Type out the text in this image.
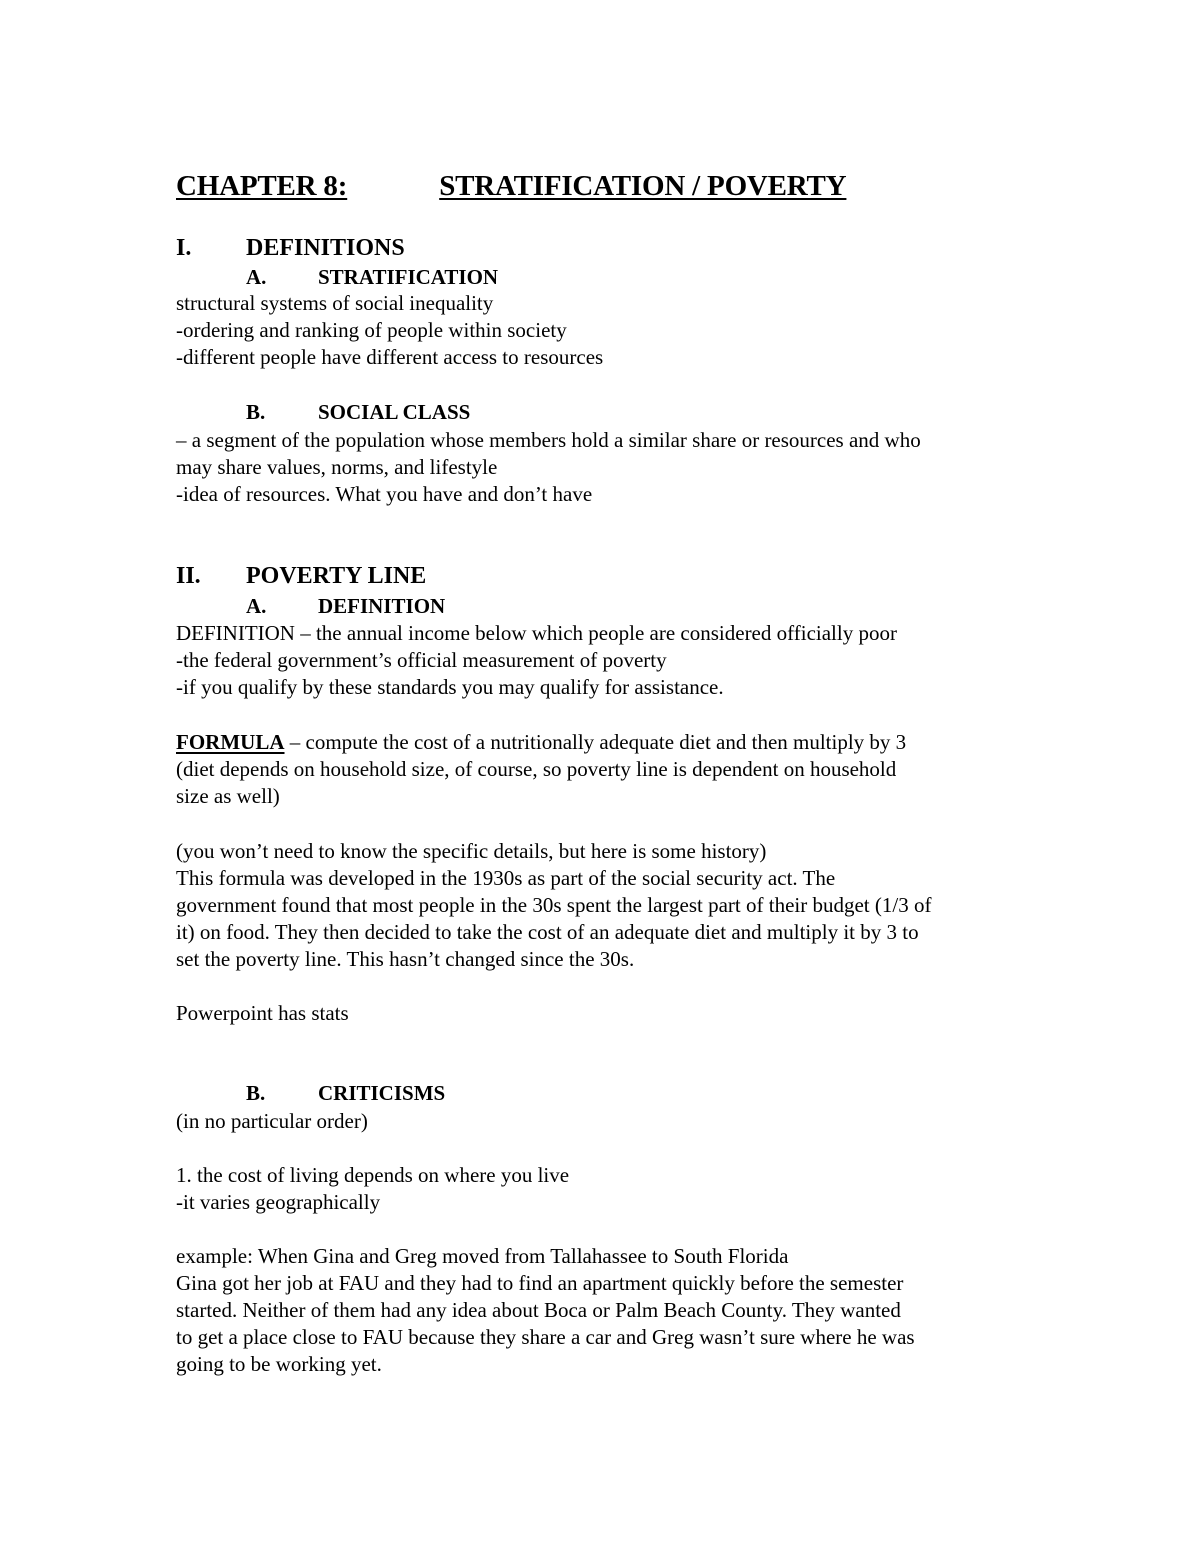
CHAPTER 8:	STRATIFICATION / POVERTY
I. DEFINITIONS
A. STRATIFICATION
structural systems of social inequality
-ordering and ranking of people within society
-different people have different access to resources
B.	SOCIAL CLASS
– a segment of the population whose members hold a similar share or resources and who
may share values, norms, and lifestyle
-idea of resources. What you have and don’t have
II. POVERTY LINE
A. DEFINITION
DEFINITION – the annual income below which people are considered officially poor
-the federal government’s official measurement of poverty
-if you qualify by these standards you may qualify for assistance.
FORMULA – compute the cost of a nutritionally adequate diet and then multiply by 3
(diet depends on household size, of course, so poverty line is dependent on household
size as well)
(you won’t need to know the specific details, but here is some history)
This formula was developed in the 1930s as part of the social security act. The
government found that most people in the 30s spent the largest part of their budget (1/3 of
it) on food. They then decided to take the cost of an adequate diet and multiply it by 3 to
set the poverty line. This hasn’t changed since the 30s.
Powerpoint has stats
B.	CRITICISMS
(in no particular order)
1. the cost of living depends on where you live
-it varies geographically
example: When Gina and Greg moved from Tallahassee to South Florida
Gina got her job at FAU and they had to find an apartment quickly before the semester
started. Neither of them had any idea about Boca or Palm Beach County. They wanted
to get a place close to FAU because they share a car and Greg wasn’t sure where he was
going to be working yet.
